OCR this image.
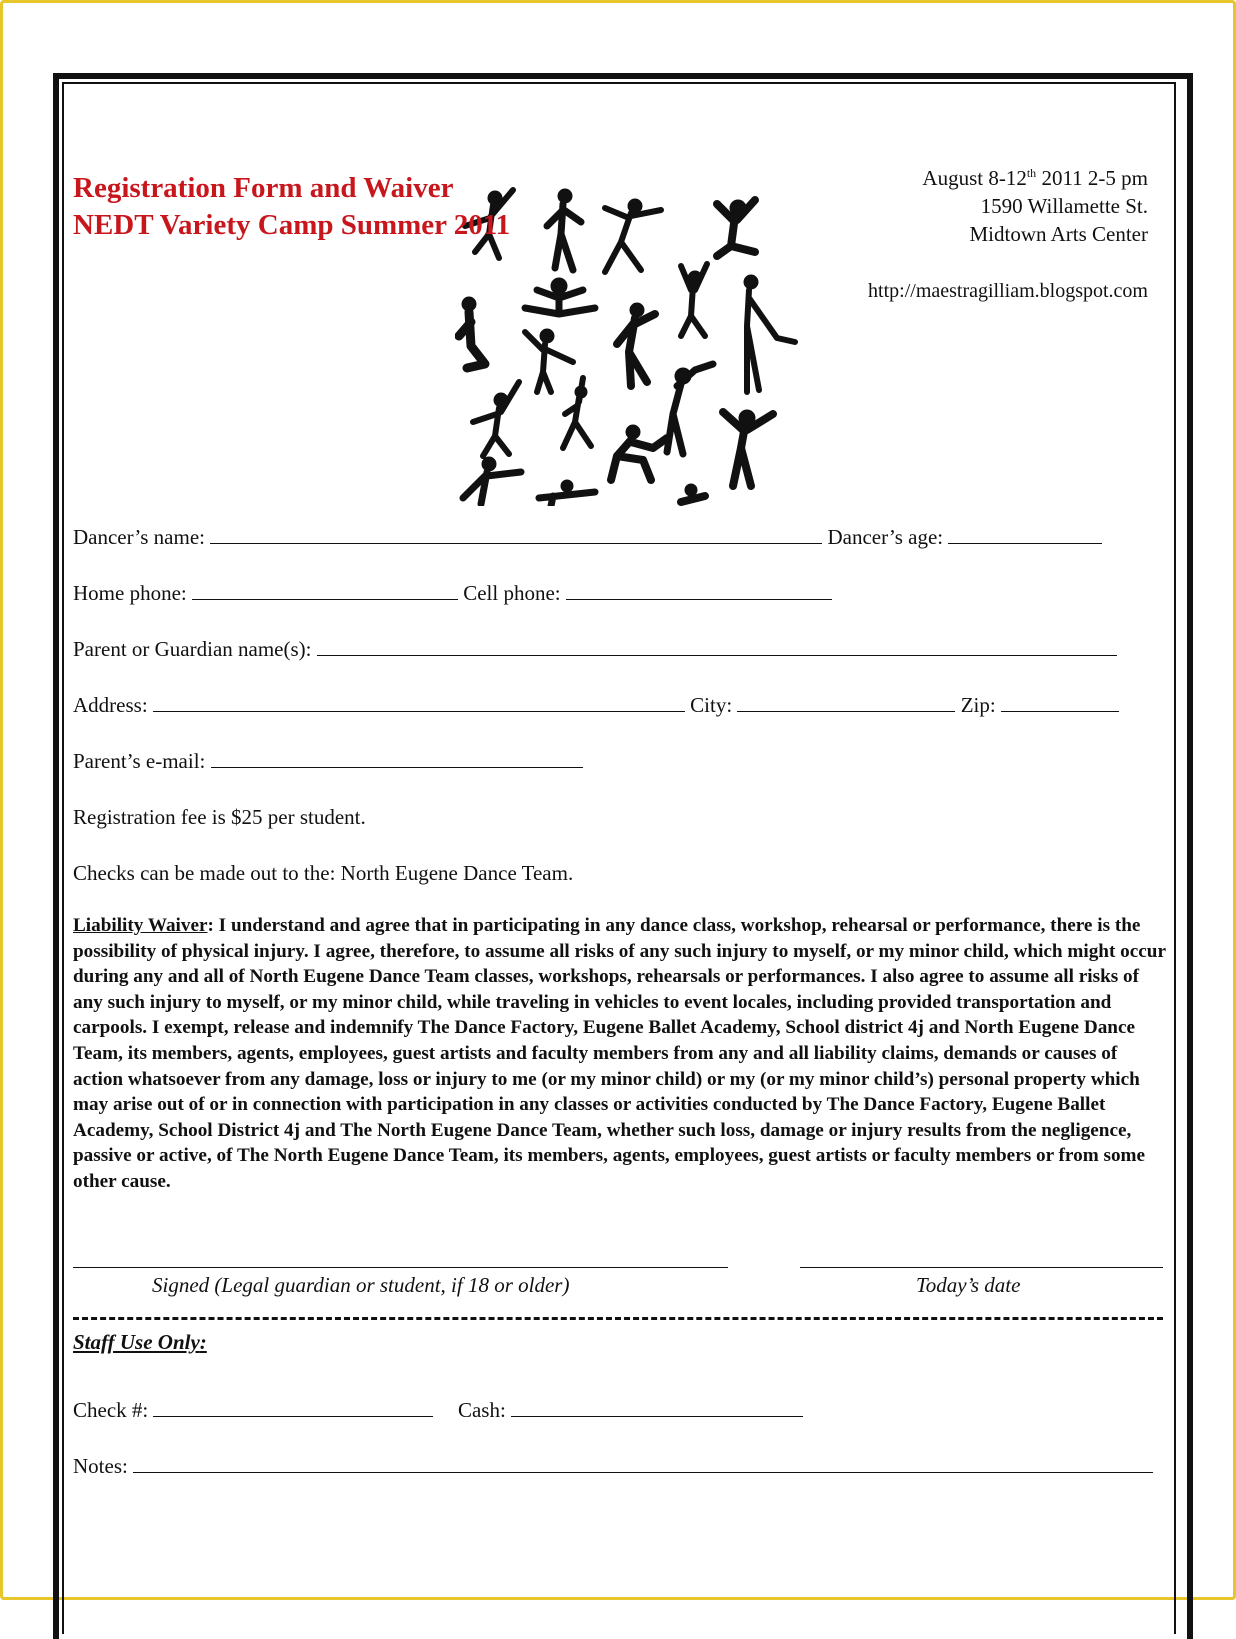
Registration Form and Waiver
NEDT Variety Camp Summer 2011
August 8-12th 2011 2-5 pm
1590 Willamette St.
Midtown Arts Center
http://maestragilliam.blogspot.com
Dancer’s name:	Dancer’s age:
Home phone:	Cell phone:
Parent or Guardian name(s):
Address:	City:	Zip:
Parent’s e-mail:
Registration fee is $25 per student.
Checks can be made out to the: North Eugene Dance Team.
Liability Waiver: I understand and agree that in participating in any dance class, workshop, rehearsal or performance, there is the possibility of physical injury. I agree, therefore, to assume all risks of any such injury to myself, or my minor child, which might occur during any and all of North Eugene Dance Team classes, workshops, rehearsals or performances. I also agree to assume all risks of any such injury to myself, or my minor child, while traveling in vehicles to event locales, including provided transportation and carpools. I exempt, release and indemnify The Dance Factory, Eugene Ballet Academy, School district 4j and North Eugene Dance Team, its members, agents, employees, guest artists and faculty members from any and all liability claims, demands or causes of action whatsoever from any damage, loss or injury to me (or my minor child) or my (or my minor child’s) personal property which may arise out of or in connection with participation in any classes or activities conducted by The Dance Factory, Eugene Ballet Academy, School District 4j and The North Eugene Dance Team, whether such loss, damage or injury results from the negligence, passive or active, of The North Eugene Dance Team, its members, agents, employees, guest artists or faculty members or from some other cause.
Signed (Legal guardian or student, if 18 or older)	Today’s date
Staff Use Only:
Check #:	Cash:
Notes:
